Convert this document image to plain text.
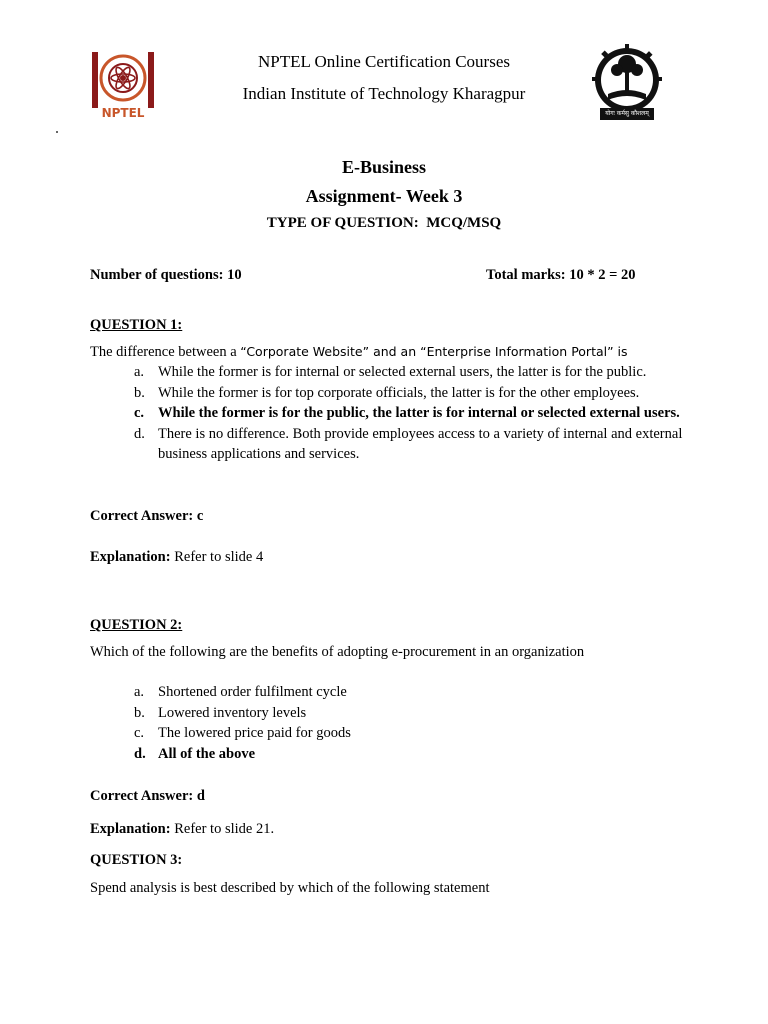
NPTEL	योगः कर्मसु कौशलम्
NPTEL Online Certification Courses
Indian Institute of Technology Kharagpur
E-Business
Assignment- Week 3
TYPE OF QUESTION:  MCQ/MSQ
Number of questions: 10	Total marks: 10 * 2 = 20
QUESTION 1:
The difference between a “Corporate Website” and an “Enterprise Information Portal” is
a. While the former is for internal or selected external users, the latter is for the public.
b. While the former is for top corporate officials, the latter is for the other employees.
c. While the former is for the public, the latter is for internal or selected external users.
d. There is no difference. Both provide employees access to a variety of internal and external business applications and services.
Correct Answer: c
Explanation: Refer to slide 4
QUESTION 2:
Which of the following are the benefits of adopting e-procurement in an organization
a. Shortened order fulfilment cycle
b. Lowered inventory levels
c. The lowered price paid for goods
d. All of the above
Correct Answer: d
Explanation: Refer to slide 21.
QUESTION 3:
Spend analysis is best described by which of the following statement
